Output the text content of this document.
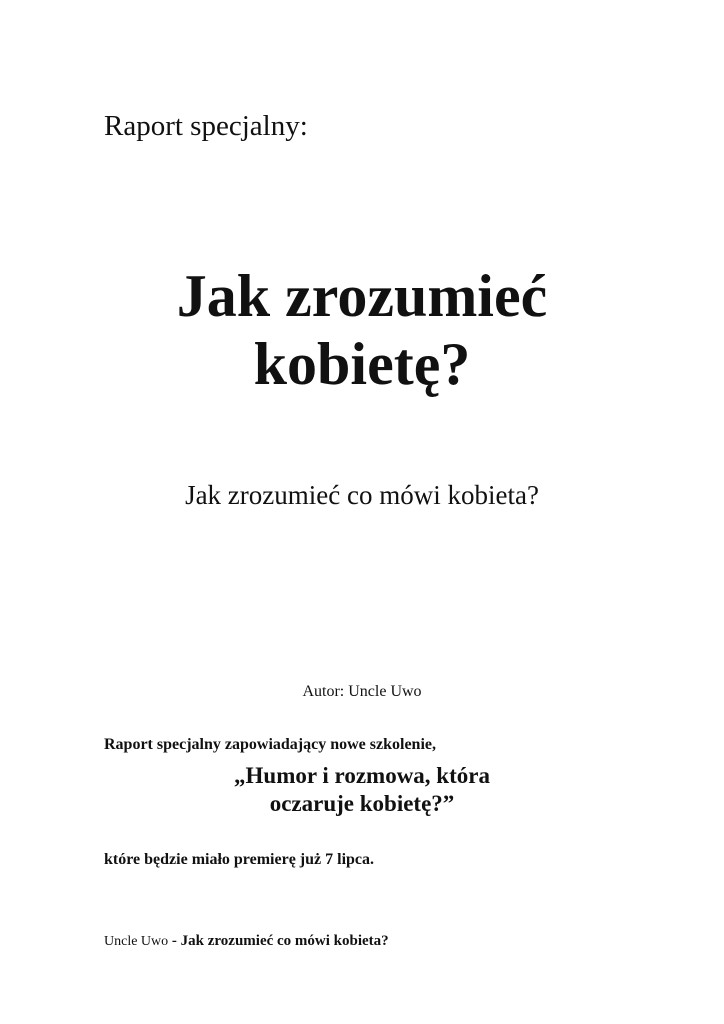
Raport specjalny:
Jak zrozumieć
kobietę?
Jak zrozumieć co mówi kobieta?
Autor: Uncle Uwo
Raport specjalny zapowiadający nowe szkolenie,
„Humor i rozmowa, która
oczaruje kobietę?”
które będzie miało premierę już 7 lipca.
Uncle Uwo - Jak zrozumieć co mówi kobieta?
